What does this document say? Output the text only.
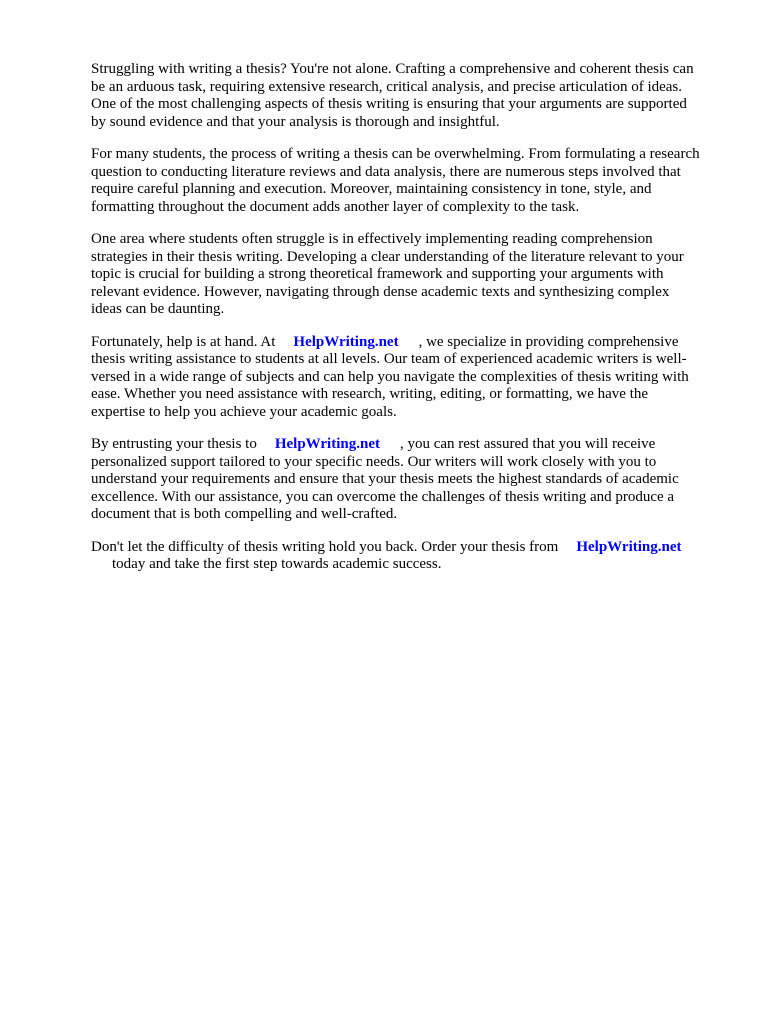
Struggling with writing a thesis? You're not alone. Crafting a comprehensive and coherent thesis can
be an arduous task, requiring extensive research, critical analysis, and precise articulation of ideas.
One of the most challenging aspects of thesis writing is ensuring that your arguments are supported
by sound evidence and that your analysis is thorough and insightful.
For many students, the process of writing a thesis can be overwhelming. From formulating a research
question to conducting literature reviews and data analysis, there are numerous steps involved that
require careful planning and execution. Moreover, maintaining consistency in tone, style, and
formatting throughout the document adds another layer of complexity to the task.
One area where students often struggle is in effectively implementing reading comprehension
strategies in their thesis writing. Developing a clear understanding of the literature relevant to your
topic is crucial for building a strong theoretical framework and supporting your arguments with
relevant evidence. However, navigating through dense academic texts and synthesizing complex
ideas can be daunting.
Fortunately, help is at hand. At HelpWriting.net , we specialize in providing comprehensive
thesis writing assistance to students at all levels. Our team of experienced academic writers is well-
versed in a wide range of subjects and can help you navigate the complexities of thesis writing with
ease. Whether you need assistance with research, writing, editing, or formatting, we have the
expertise to help you achieve your academic goals.
By entrusting your thesis to HelpWriting.net , you can rest assured that you will receive
personalized support tailored to your specific needs. Our writers will work closely with you to
understand your requirements and ensure that your thesis meets the highest standards of academic
excellence. With our assistance, you can overcome the challenges of thesis writing and produce a
document that is both compelling and well-crafted.
Don't let the difficulty of thesis writing hold you back. Order your thesis from HelpWriting.net
today and take the first step towards academic success.
